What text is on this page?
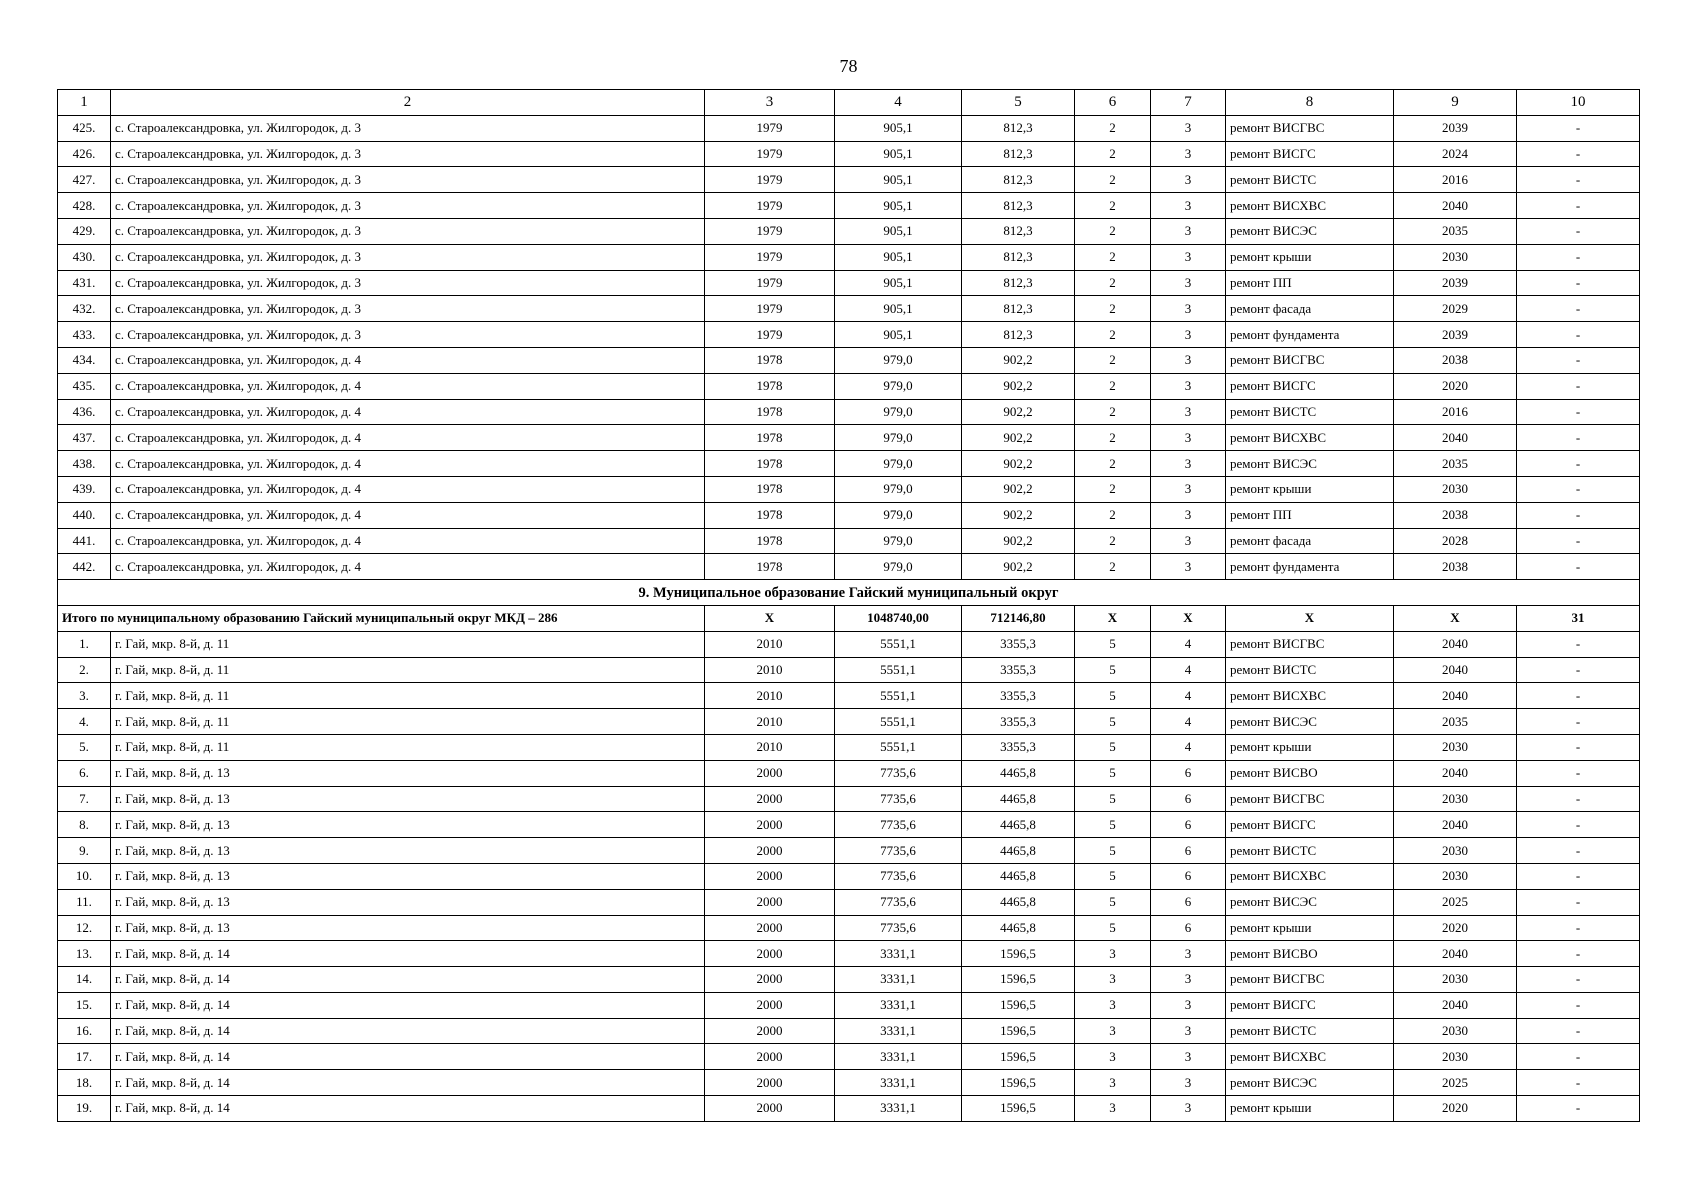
78
1	2	3	4	5	6	7	8	9	10
425.	с. Староалександровка, ул. Жилгородок, д. 3	1979	905,1	812,3	2	3	ремонт ВИСГВС	2039	-
426.	с. Староалександровка, ул. Жилгородок, д. 3	1979	905,1	812,3	2	3	ремонт ВИСГС	2024	-
427.	с. Староалександровка, ул. Жилгородок, д. 3	1979	905,1	812,3	2	3	ремонт ВИСТС	2016	-
428.	с. Староалександровка, ул. Жилгородок, д. 3	1979	905,1	812,3	2	3	ремонт ВИСХВС	2040	-
429.	с. Староалександровка, ул. Жилгородок, д. 3	1979	905,1	812,3	2	3	ремонт ВИСЭС	2035	-
430.	с. Староалександровка, ул. Жилгородок, д. 3	1979	905,1	812,3	2	3	ремонт крыши	2030	-
431.	с. Староалександровка, ул. Жилгородок, д. 3	1979	905,1	812,3	2	3	ремонт ПП	2039	-
432.	с. Староалександровка, ул. Жилгородок, д. 3	1979	905,1	812,3	2	3	ремонт фасада	2029	-
433.	с. Староалександровка, ул. Жилгородок, д. 3	1979	905,1	812,3	2	3	ремонт фундамента	2039	-
434.	с. Староалександровка, ул. Жилгородок, д. 4	1978	979,0	902,2	2	3	ремонт ВИСГВС	2038	-
435.	с. Староалександровка, ул. Жилгородок, д. 4	1978	979,0	902,2	2	3	ремонт ВИСГС	2020	-
436.	с. Староалександровка, ул. Жилгородок, д. 4	1978	979,0	902,2	2	3	ремонт ВИСТС	2016	-
437.	с. Староалександровка, ул. Жилгородок, д. 4	1978	979,0	902,2	2	3	ремонт ВИСХВС	2040	-
438.	с. Староалександровка, ул. Жилгородок, д. 4	1978	979,0	902,2	2	3	ремонт ВИСЭС	2035	-
439.	с. Староалександровка, ул. Жилгородок, д. 4	1978	979,0	902,2	2	3	ремонт крыши	2030	-
440.	с. Староалександровка, ул. Жилгородок, д. 4	1978	979,0	902,2	2	3	ремонт ПП	2038	-
441.	с. Староалександровка, ул. Жилгородок, д. 4	1978	979,0	902,2	2	3	ремонт фасада	2028	-
442.	с. Староалександровка, ул. Жилгородок, д. 4	1978	979,0	902,2	2	3	ремонт фундамента	2038	-
9. Муниципальное образование Гайский муниципальный округ									
Итого по муниципальному образованию Гайский муниципальный округ МКД – 286		X	1048740,00	712146,80	X	X	X	X	31
1.	г. Гай, мкр. 8-й, д. 11	2010	5551,1	3355,3	5	4	ремонт ВИСГВС	2040	-
2.	г. Гай, мкр. 8-й, д. 11	2010	5551,1	3355,3	5	4	ремонт ВИСТС	2040	-
3.	г. Гай, мкр. 8-й, д. 11	2010	5551,1	3355,3	5	4	ремонт ВИСХВС	2040	-
4.	г. Гай, мкр. 8-й, д. 11	2010	5551,1	3355,3	5	4	ремонт ВИСЭС	2035	-
5.	г. Гай, мкр. 8-й, д. 11	2010	5551,1	3355,3	5	4	ремонт крыши	2030	-
6.	г. Гай, мкр. 8-й, д. 13	2000	7735,6	4465,8	5	6	ремонт ВИСВО	2040	-
7.	г. Гай, мкр. 8-й, д. 13	2000	7735,6	4465,8	5	6	ремонт ВИСГВС	2030	-
8.	г. Гай, мкр. 8-й, д. 13	2000	7735,6	4465,8	5	6	ремонт ВИСГС	2040	-
9.	г. Гай, мкр. 8-й, д. 13	2000	7735,6	4465,8	5	6	ремонт ВИСТС	2030	-
10.	г. Гай, мкр. 8-й, д. 13	2000	7735,6	4465,8	5	6	ремонт ВИСХВС	2030	-
11.	г. Гай, мкр. 8-й, д. 13	2000	7735,6	4465,8	5	6	ремонт ВИСЭС	2025	-
12.	г. Гай, мкр. 8-й, д. 13	2000	7735,6	4465,8	5	6	ремонт крыши	2020	-
13.	г. Гай, мкр. 8-й, д. 14	2000	3331,1	1596,5	3	3	ремонт ВИСВО	2040	-
14.	г. Гай, мкр. 8-й, д. 14	2000	3331,1	1596,5	3	3	ремонт ВИСГВС	2030	-
15.	г. Гай, мкр. 8-й, д. 14	2000	3331,1	1596,5	3	3	ремонт ВИСГС	2040	-
16.	г. Гай, мкр. 8-й, д. 14	2000	3331,1	1596,5	3	3	ремонт ВИСТС	2030	-
17.	г. Гай, мкр. 8-й, д. 14	2000	3331,1	1596,5	3	3	ремонт ВИСХВС	2030	-
18.	г. Гай, мкр. 8-й, д. 14	2000	3331,1	1596,5	3	3	ремонт ВИСЭС	2025	-
19.	г. Гай, мкр. 8-й, д. 14	2000	3331,1	1596,5	3	3	ремонт крыши	2020	-
